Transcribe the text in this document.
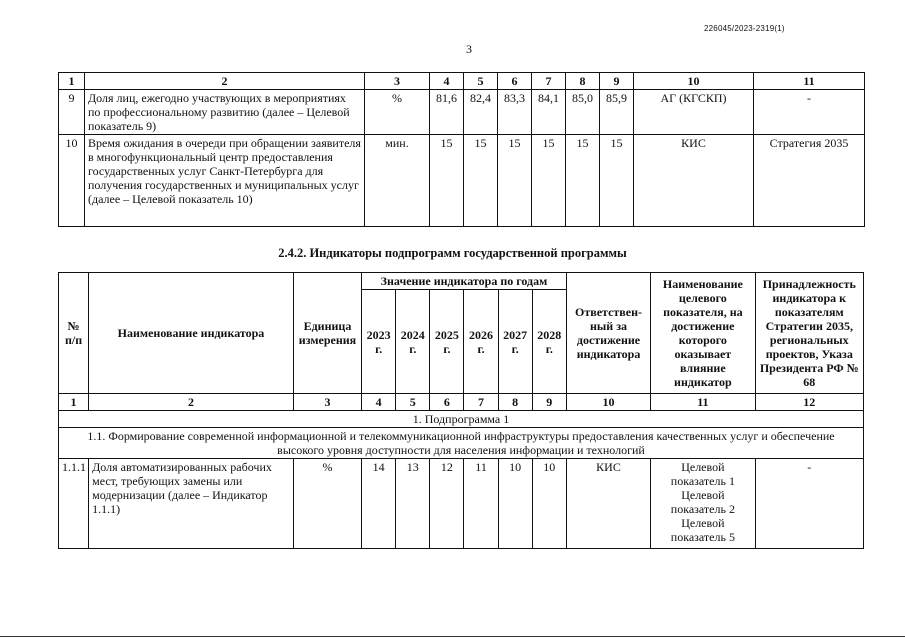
226045/2023-2319(1)
3
1	2	3	4	5	6	7	8	9	10	11
9	Доля лиц, ежегодно участвующих в мероприятиях по профессиональному развитию (далее – Целевой показатель 9)	%	81,6	82,4	83,3	84,1	85,0	85,9	АГ (КГСКП)	-
10	Время ожидания в очереди при обращении заявителя в многофункциональный центр предоставления государственных услуг Санкт-Петербурга для получения государственных и муниципальных услуг (далее – Целевой показатель 10)	мин.	15	15	15	15	15	15	КИС	Стратегия 2035
2.4.2. Индикаторы подпрограмм государственной программы
№ п/п	Наименование индикатора	Единица измерения	Значение индикатора по годам						Ответствен-ный за достижение индикатора	Наименование целевого показателя, на достижение которого оказывает влияние индикатор	Принадлежность индикатора к показателям Стратегии 2035, региональных проектов, Указа Президента РФ № 68
			2023 г.	2024 г.	2025 г.	2026 г.	2027 г.	2028 г.			
1	2	3	4	5	6	7	8	9	10	11	12
1. Подпрограмма 1											
1.1. Формирование современной информационной и телекоммуникационной инфраструктуры предоставления качественных услуг и обеспечение высокого уровня доступности для населения информации и технологий											
1.1.1	Доля автоматизированных рабочих мест, требующих замены или модернизации (далее – Индикатор 1.1.1)	%	14	13	12	11	10	10	КИС	Целевой показатель 1 Целевой показатель 2 Целевой показатель 5	-
